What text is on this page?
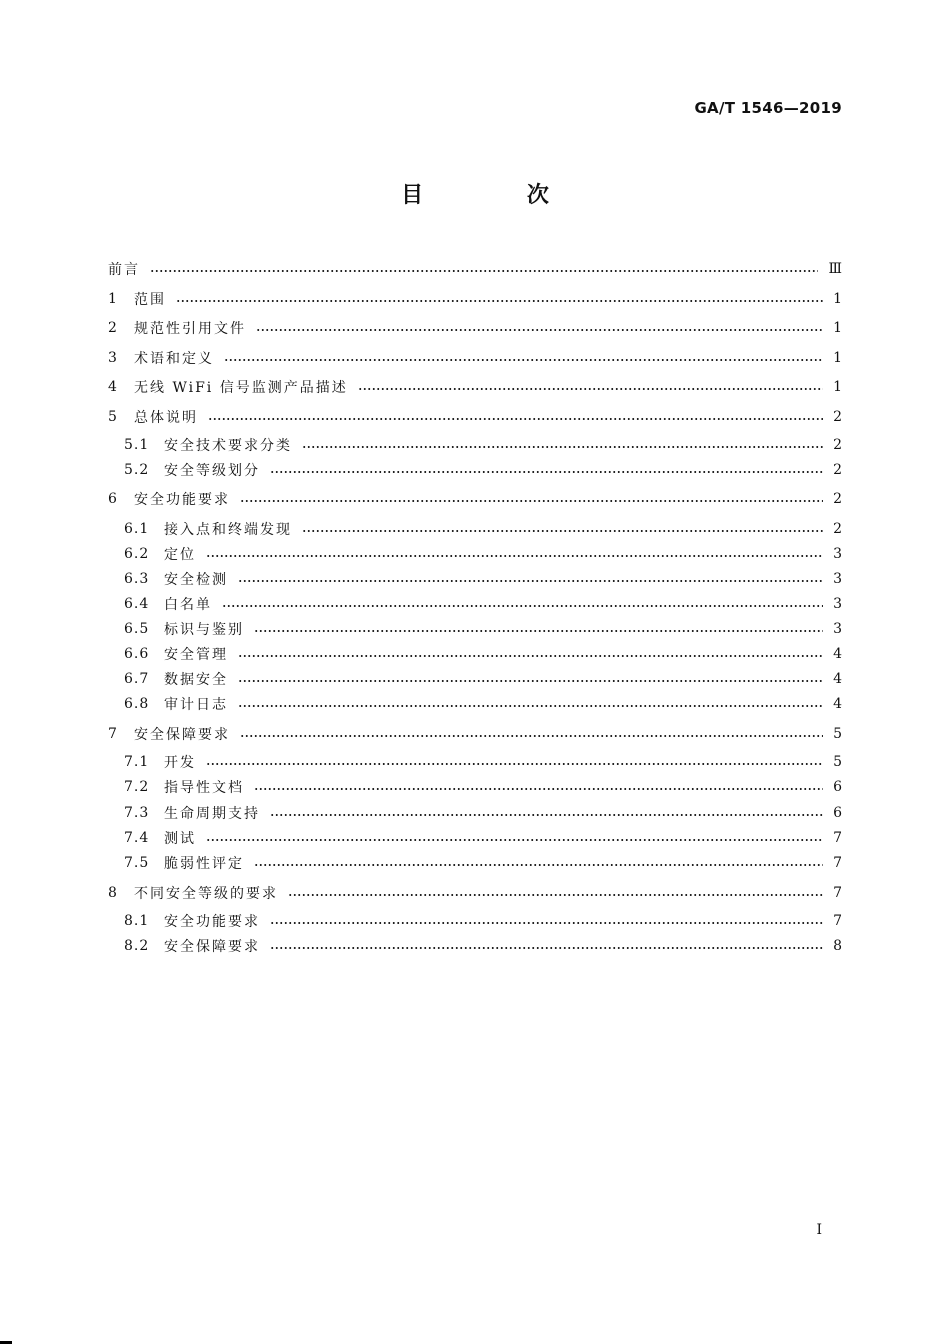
GA/T 1546—2019
目 次
前言	Ⅲ
1	范围	1
2	规范性引用文件	1
3	术语和定义	1
4	无线 WiFi 信号监测产品描述	1
5	总体说明	2
5.1	安全技术要求分类	2
5.2	安全等级划分	2
6	安全功能要求	2
6.1	接入点和终端发现	2
6.2	定位	3
6.3	安全检测	3
6.4	白名单	3
6.5	标识与鉴别	3
6.6	安全管理	4
6.7	数据安全	4
6.8	审计日志	4
7	安全保障要求	5
7.1	开发	5
7.2	指导性文档	6
7.3	生命周期支持	6
7.4	测试	7
7.5	脆弱性评定	7
8	不同安全等级的要求	7
8.1	安全功能要求	7
8.2	安全保障要求	8
I
